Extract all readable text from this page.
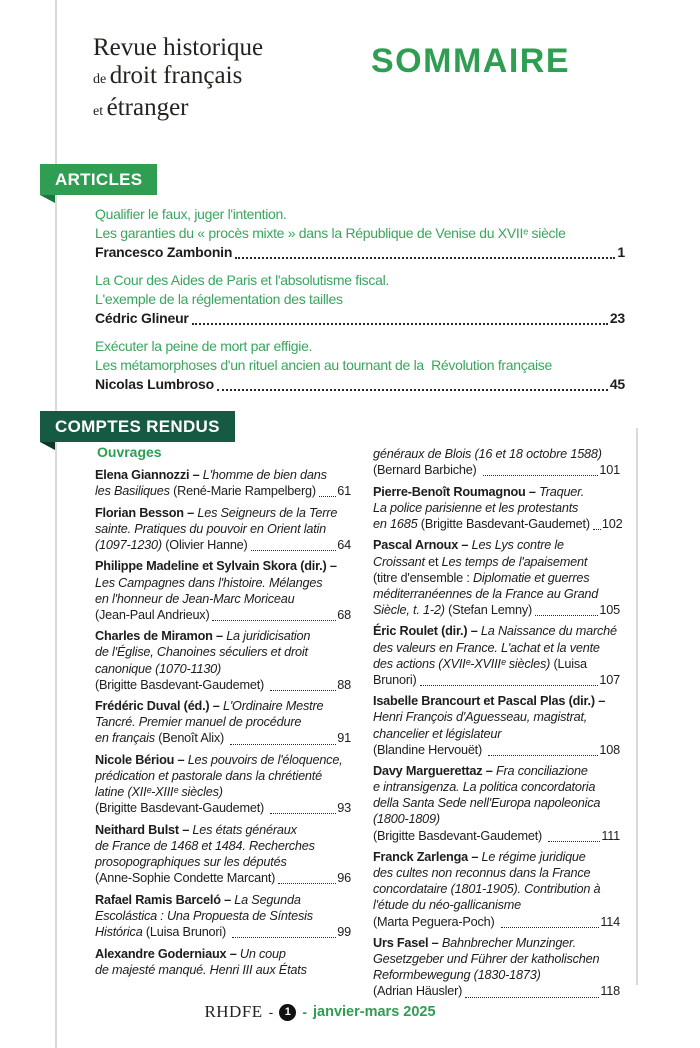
Revue historique
de droit français
et étranger
SOMMAIRE
ARTICLES
Qualifier le faux, juger l'intention.
Les garanties du « procès mixte » dans la République de Venise du XVIIᵉ siècle
Francesco Zambonin	1
La Cour des Aides de Paris et l'absolutisme fiscal.
L'exemple de la réglementation des tailles
Cédric Glineur	23
Exécuter la peine de mort par effigie.
Les métamorphoses d'un rituel ancien au tournant de la  Révolution française
Nicolas Lumbroso	45
COMPTES RENDUS
Ouvrages
Elena Giannozzi – L'homme de bien dans
les Basiliques (René-Marie Rampelberg) 61
Florian Besson – Les Seigneurs de la Terre
sainte. Pratiques du pouvoir en Orient latin
(1097-1230) (Olivier Hanne)	64
Philippe Madeline et Sylvain Skora (dir.) –
Les Campagnes dans l'histoire. Mélanges
en l'honneur de Jean-Marc Moriceau
(Jean-Paul Andrieux)	68
Charles de Miramon – La juridicisation
de l'Église, Chanoines séculiers et droit
canonique (1070-1130)
(Brigitte Basdevant-Gaudemet)	88
Frédéric Duval (éd.) – L'Ordinaire Mestre
Tancré. Premier manuel de procédure
en français (Benoît Alix)	91
Nicole Bériou – Les pouvoirs de l'éloquence,
prédication et pastorale dans la chrétienté
latine (XIIᵉ-XIIIᵉ siècles)
(Brigitte Basdevant-Gaudemet)	93
Neithard Bulst – Les états généraux
de France de 1468 et 1484. Recherches
prosopographiques sur les députés
(Anne-Sophie Condette Marcant)	96
Rafael Ramis Barceló – La Segunda
Escolástica : Una Propuesta de Síntesis
Histórica (Luisa Brunori)	99
Alexandre Goderniaux – Un coup
de majesté manqué. Henri III aux États
généraux de Blois (16 et 18 octobre 1588)
(Bernard Barbiche)	101
Pierre-Benoît Roumagnou – Traquer.
La police parisienne et les protestants
en 1685 (Brigitte Basdevant-Gaudemet) 102
Pascal Arnoux – Les Lys contre le
Croissant et Les temps de l'apaisement
(titre d'ensemble : Diplomatie et guerres
méditerranéennes de la France au Grand
Siècle, t. 1-2) (Stefan Lemny)	105
Éric Roulet (dir.) – La Naissance du marché
des valeurs en France. L'achat et la vente
des actions (XVIIᵉ-XVIIIᵉ siècles) (Luisa
Brunori)	107
Isabelle Brancourt et Pascal Plas (dir.) –
Henri François d'Aguesseau, magistrat,
chancelier et législateur
(Blandine Hervouët)	108
Davy Marguerettaz – Fra conciliazione
e intransigenza. La politica concordatoria
della Santa Sede nell'Europa napoleonica
(1800-1809)
(Brigitte Basdevant-Gaudemet)	111
Franck Zarlenga – Le régime juridique
des cultes non reconnus dans la France
concordataire (1801-1905). Contribution à
l'étude du néo-gallicanisme
(Marta Peguera-Poch)	114
Urs Fasel – Bahnbrecher Munzinger.
Gesetzgeber und Führer der katholischen
Reformbewegung (1830-1873)
(Adrian Häusler)	118
RHDFE -	1 - janvier-mars 2025
